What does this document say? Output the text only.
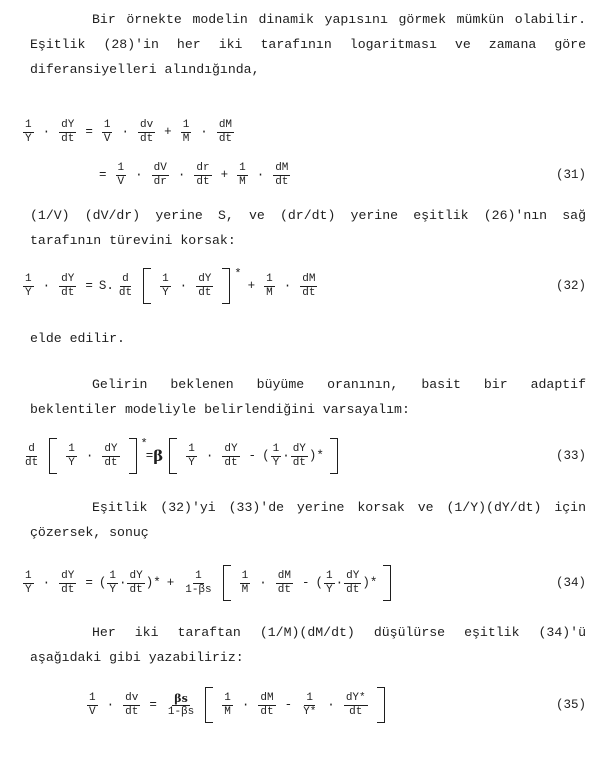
Bir örnekte modelin dinamik yapısını görmek mümkün olabilir. Eşitlik (28)'in her iki tarafının logaritması ve zamana göre diferansiyelleri alındığında,

1
$Y \cdot \frac{dY}{dt} = \frac{1}{V}$ ·
dv
dt + $\frac{1}{M}$ ·
dM
dt
= $\frac{1}{V}$ ·
dV
dr ·
dr
dt + $\frac{1}{M}$ ·
dM
dt	(31)

(1/V) (dV/dr) yerine S, ve (dr/dt) yerine eşitlik (26)'nın sağ tarafının türevini korsak:

1
$Y \cdot \frac{dY}{dt} = S$.
d
dt
1
Y ·
dY
dt
*
+ $\frac{1}{M}$ ·
dM
dt	(32)

elde edilir.

Gelirin beklenen büyüme oranının, basit bir adaptif beklentiler modeliyle belirlendiğini varsayalım:

d
dt
1
Y ·
dY
dt
*
= β 1
Y ·
dY
dt - (
1
Y ·
dY
dt )*	(33)

Eşitlik (32)'yi (33)'de yerine korsak ve (1/Y)(dY/dt) için çözersek, sonuç

1
$Y \cdot \frac{dY}{dt}$ = (
1
Y ·
dY
dt )* + $\frac{1}{1-\beta s}$	1
M ·
dM
dt - (
1
Y ·
dY
dt )*	(34)

Her iki taraftan (1/M)(dM/dt) düşülürse eşitlik (34)'ü aşağıdaki gibi yazabiliriz:

1
$V \cdot \frac{dv}{dt} = \frac{\beta s}{1-\beta s}$	1
M ·
dM
dt -
1
Y* ·
dY*
dt	(35)
